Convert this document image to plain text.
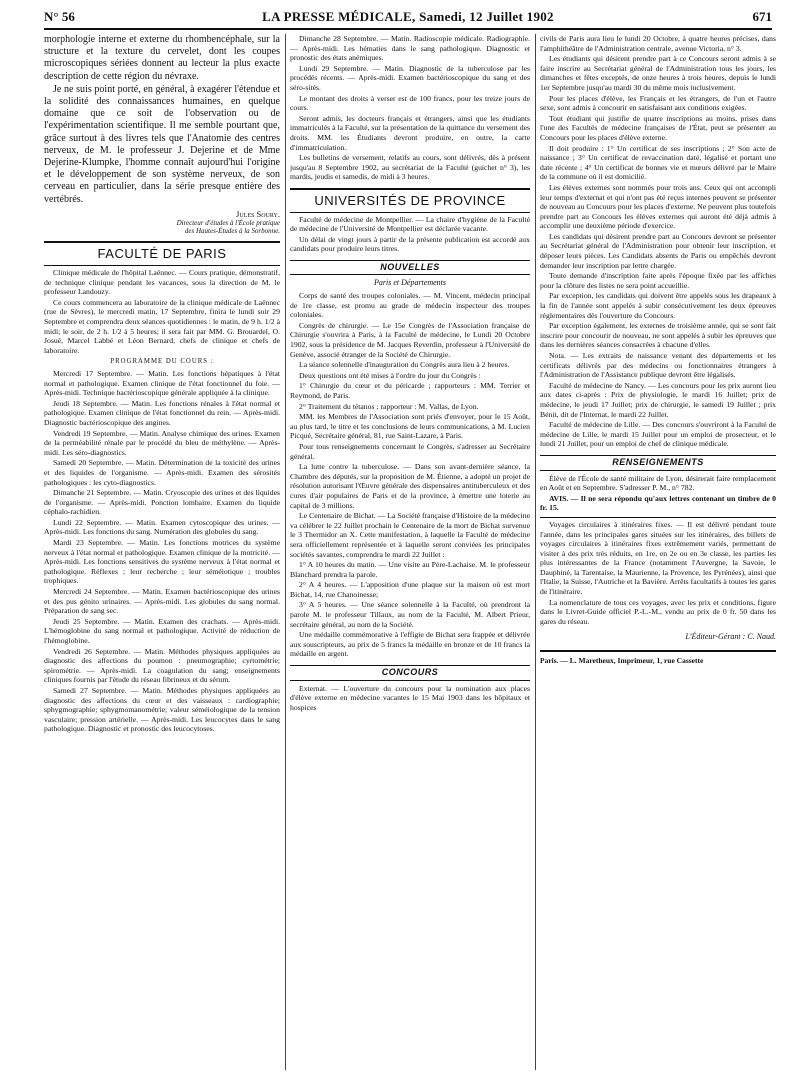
N° 56	LA PRESSE MÉDICALE, Samedi, 12 Juillet 1902	671

morphologie interne et externe du rhombencéphale, sur la structure et la texture du cervelet, dont les coupes microscopiques sériées donnent au lecteur la plus exacte description de cette région du névraxe.

Je ne suis point porté, en général, à exagérer l'étendue et la solidité des connaissances humaines, en quelque domaine que ce soit de l'observation ou de l'expérimentation scientifique. Il me semble pourtant que, grâce surtout à des livres tels que l'Anatomie des centres nerveux, de M. le professeur J. Dejerine et de Mme Dejerine-Klumpke, l'homme connaît aujourd'hui l'origine et le développement de son système nerveux, de son cerveau en particulier, dans la série presque entière des vertébrés.

Jules Soury.
Directeur d'études à l'École pratique
des Hautes-Études à la Sorbonne.
FACULTÉ DE PARIS

Clinique médicale de l'hôpital Laënnec. — Cours pratique, démonstratif, de technique clinique pendant les vacances, sous la direction de M. le professeur Landouzy.

Ce cours commencera au laboratoire de la clinique médicale de Laënnec (rue de Sèvres), le mercredi matin, 17 Septembre, finira le lundi soir 29 Septembre et comprendra deux séances quotidiennes : le matin, de 9 h. 1/2 à midi; le soir, de 2 h. 1/2 à 5 heures; il sera fait par MM. G. Brouardel, O. Josué, Marcel Labbé et Léon Bernard, chefs de clinique et chefs de laboratoire.

PROGRAMME DU COURS :

Mercredi 17 Septembre. — Matin. Les fonctions hépatiques à l'état normal et pathologique. Examen clinique de l'état fonctionnel du foie. — Après-midi. Technique bactérioscopique générale appliquée à la clinique.

Jeudi 18 Septembre. — Matin. Les fonctions rénales à l'état normal et pathologique. Examen clinique de l'état fonctionnel du rein. — Après-midi. Diagnostic bactérioscopique des angines.

Vendredi 19 Septembre. — Matin. Analyse chimique des urines. Examen de la perméabilité rénale par le procédé du bleu de méthylène. — Après-midi. Les séro-diagnostics.

Samedi 20 Septembre. — Matin. Détermination de la toxicité des urines et des liquides de l'organisme. — Après-midi. Examen des sérosités pathologiques : les cyto-diagnostics.

Dimanche 21 Septembre. — Matin. Cryoscopie des urines et des liquides de l'organisme. — Après-midi. Ponction lombaire. Examen du liquide céphalo-rachidien.

Lundi 22 Septembre. — Matin. Examen cytoscopique des urines. — Après-midi. Les fonctions du sang. Numération des globules du sang.

Mardi 23 Septembre. — Matin. Les fonctions motrices du système nerveux à l'état normal et pathologique. Examen clinique de la motricité. — Après-midi. Les fonctions sensitives du système nerveux à l'état normal et pathologique. Réflexes ; leur recherche ; leur séméiotique ; troubles trophiques.

Mercredi 24 Septembre. — Matin. Examen bactérioscopique des urines et des pus génito urinaires. — Après-midi. Les globules du sang normal. Préparation de sang sec.

Jeudi 25 Septembre. — Matin. Examen des crachats. — Après-midi. L'hémoglobine du sang normal et pathologique. Activité de réduction de l'hémoglobine.

Vendredi 26 Septembre. — Matin. Méthodes physiques appliquées au diagnostic des affections du poumon : pneumographie; cyrtométrie; spirométrie. — Après-midi. La coagulation du sang; enseignements cliniques fournis par l'étude du réseau fibrineux et du sérum.

Samedi 27 Septembre. — Matin. Méthodes physiques appliquées au diagnostic des affections du cœur et des vaisseaux : cardiographie; sphygmographie; sphygmomanométrie; valeur séméiologique de la tension vasculaire; pression artérielle. — Après-midi. Les leucocytes dans le sang pathologique. Diagnostic et pronostic des leucocytoses.

Dimanche 28 Septembre. — Matin. Radioscopie médicale. Radiographie. — Après-midi. Les hématies dans le sang pathologique. Diagnostic et pronostic des états anémiques.

Lundi 29 Septembre. — Matin. Diagnostic de la tuberculose par les procédés récents. — Après-midi. Examen bactérioscopique du sang et des séro-sités.

Le montant des droits à verser est de 100 francs, pour les treize jours de cours.

Seront admis, les docteurs français et étrangers, ainsi que les étudiants immatriculés à la Faculté, sur la présentation de la quittance du versement des droits. MM. les Étudiants devront produire, en outre, la carte d'immatriculation.

Les bulletins de versement, relatifs au cours, sont délivrés, dès à présent jusqu'au 8 Septembre 1902, au secrétariat de la Faculté (guichet n° 3), les mardis, jeudis et samedis, de midi à 3 heures.

UNIVERSITÉS DE PROVINCE

Faculté de médecine de Montpellier. — La chaire d'hygiène de la Faculté de médecine de l'Université de Montpellier est déclarée vacante.

Un délai de vingt jours à partir de la présente publication est accordé aux candidats pour produire leurs titres.

NOUVELLES
Paris et Départements

Corps de santé des troupes coloniales. — M. Vincent, médecin principal de 1re classe, est promu au grade de médecin inspecteur des troupes coloniales.

Congrès de chirurgie. — Le 15e Congrès de l'Association française de Chirurgie s'ouvrira à Paris, à la Faculté de médecine, le Lundi 20 Octobre 1902, sous la présidence de M. Jacques Reverdin, professeur à l'Université de Genève, associé étranger de la Société de Chirurgie.

La séance solennelle d'inauguration du Congrès aura lieu à 2 heures.

Deux questions ont été mises à l'ordre du jour du Congrès :

1° Chirurgie du cœur et du péricarde ; rapporteurs : MM. Terrier et Reymond, de Paris.

2° Traitement du tétanos ; rapporteur : M. Vallas, de Lyon.

MM. les Membres de l'Association sont priés d'envoyer, pour le 15 Août, au plus tard, le titre et les conclusions de leurs communications, à M. Lucien Picqué, Secrétaire général, 81, rue Saint-Lazare, à Paris.

Pour tous renseignements concernant le Congrès, s'adresser au Secrétaire général.

La lutte contre la tuberculose. — Dans son avant-dernière séance, la Chambre des députés, sur la proposition de M. Étienne, a adopté un projet de résolution autorisant l'Œuvre générale des dispensaires antituberculeux et des cures d'air populaires de Paris et de la province, à émettre une loterie au capital de 3 millions.

Le Centenaire de Bichat. — La Société française d'Histoire de la médecine va célébrer le 22 Juillet prochain le Centenaire de la mort de Bichat survenue le 3 Thermidor an X. Cette manifestation, à laquelle la Faculté de médecine sera officiellement représentée et à laquelle seront conviées les principales sociétés savantes, comprendra le mardi 22 Juillet :

1° A 10 heures du matin. — Une visite au Père-Lachaise. M. le professeur Blanchard prendra la parole.

2° A 4 heures. — L'apposition d'une plaque sur la maison où est mort Bichat, 14, rue Chanoinesse;

3° A 5 heures. — Une séance solennelle à la Faculté, où prendront la parole M. le professeur Tillaux, au nom de la Faculté, M. Albert Prieur, secrétaire général, au nom de la Société.

Une médaille commémorative à l'effigie de Bichat sera frappée et délivrée aux souscripteurs, au prix de 5 francs la médaille en bronze et de 10 francs la médaille en argent.

CONCOURS

Externat. — L'ouverture du concours pour la nomination aux places d'élève externe en médecine vacantes le 15 Mai 1903 dans les hôpitaux et hospices

civils de Paris aura lieu le lundi 20 Octobre, à quatre heures précises, dans l'amphithéâtre de l'Administration centrale, avenue Victoria, n° 3.

Les étudiants qui désirent prendre part à ce Concours seront admis à se faire inscrire au Secrétariat général de l'Administration tous les jours, les dimanches et fêtes exceptés, de onze heures à trois heures, depuis le lundi 1er Septembre jusqu'au mardi 30 du même mois inclusivement.

Pour les places d'élève, les Français et les étrangers, de l'un et l'autre sexe, sont admis à concourir en satisfaisant aux conditions exigées.

Tout étudiant qui justifie de quatre inscriptions au moins, prises dans l'une des Facultés de médecine françaises de l'État, peut se présenter au Concours pour les places d'élève externe.

Il doit produire : 1° Un certificat de ses inscriptions ; 2° Son acte de naissance ; 3° Un certificat de revaccination daté, légalisé et portant une date récente ; 4° Un certificat de bonnes vie et mœurs délivré par le Maire de la commune où il est domicilié.

Les élèves externes sont nommés pour trois ans. Ceux qui ont accompli leur temps d'externat et qui n'ont pas été reçus internes peuvent se présenter de nouveau au Concours pour les places d'externe. Ne peuvent plus toutefois prendre part au Concours les élèves externes qui auront été déjà admis à accomplir une deuxième période d'exercice.

Les candidats qui désirent prendre part au Concours devront se présenter au Secrétariat général de l'Administration pour obtenir leur inscription, et déposer leurs pièces. Les Candidats absents de Paris ou empêchés devront demander leur inscription par lettre chargée.

Toute demande d'inscription faite après l'époque fixée par les affiches pour la clôture des listes ne sera point accueillie.

Par exception, les candidats qui doivent être appelés sous les drapeaux à la fin de l'année sont appelés à subir consécutivement les deux épreuves réglementaires dès l'ouverture du Concours.

Par exception également, les externes de troisième année, qui se sont fait inscrire pour concourir de nouveau, ne sont appelés à subir les épreuves que dans les dernières séances consacrées à chacune d'elles.

Nota. — Les extraits de naissance venant des départements et les certificats délivrés par des médecins ou fonctionnaires étrangers à l'Administration de l'Assistance publique devront être légalisés.

Faculté de médecine de Nancy. — Les concours pour les prix auront lieu aux dates ci-après : Prix de physiologie, le mardi 16 Juillet; prix de médecine, le jeudi 17 Juillet; prix de chirurgie, le samedi 19 Juillet ; prix Bénit, dit de l'Internat, le mardi 22 Juillet.

Faculté de médecine de Lille. — Des concours s'ouvriront à la Faculté de médecine de Lille, le mardi 15 Juillet pour un emploi de prosecteur, et le lundi 21 Juillet, pour un emploi de chef de clinique médicale.

RENSEIGNEMENTS

Élève de l'École de santé militaire de Lyon, désirerait faire remplacement en Août et en Septembre. S'adresser P. M., n° 782.

AVIS. — Il ne sera répondu qu'aux lettres contenant un timbre de 0 fr. 15.

Voyages circulaires à itinéraires fixes. — Il est délivré pendant toute l'année, dans les principales gares situées sur les itinéraires, des billets de voyages circulaires à itinéraires fixes extrêmement variés, permettant de visiter à des prix très réduits, en 1re, en 2e ou en 3e classe, les parties les plus intéressantes de la France (notamment l'Auvergne, la Savoie, le Dauphiné, la Tarentaise, la Maurienne, la Provence, les Pyrénées), ainsi que l'Italie, la Suisse, l'Autriche et la Bavière. Arrêts facultatifs à toutes les gares de l'itinéraire.

La nomenclature de tous ces voyages, avec les prix et conditions, figure dans le Livret-Guide officiel P.-L.-M., vendu au prix de 0 fr. 50 dans les gares du réseau.

L'Éditeur-Gérant : C. Naud.
Paris. — L. Maretheux, Imprimeur, 1, rue Cassette
